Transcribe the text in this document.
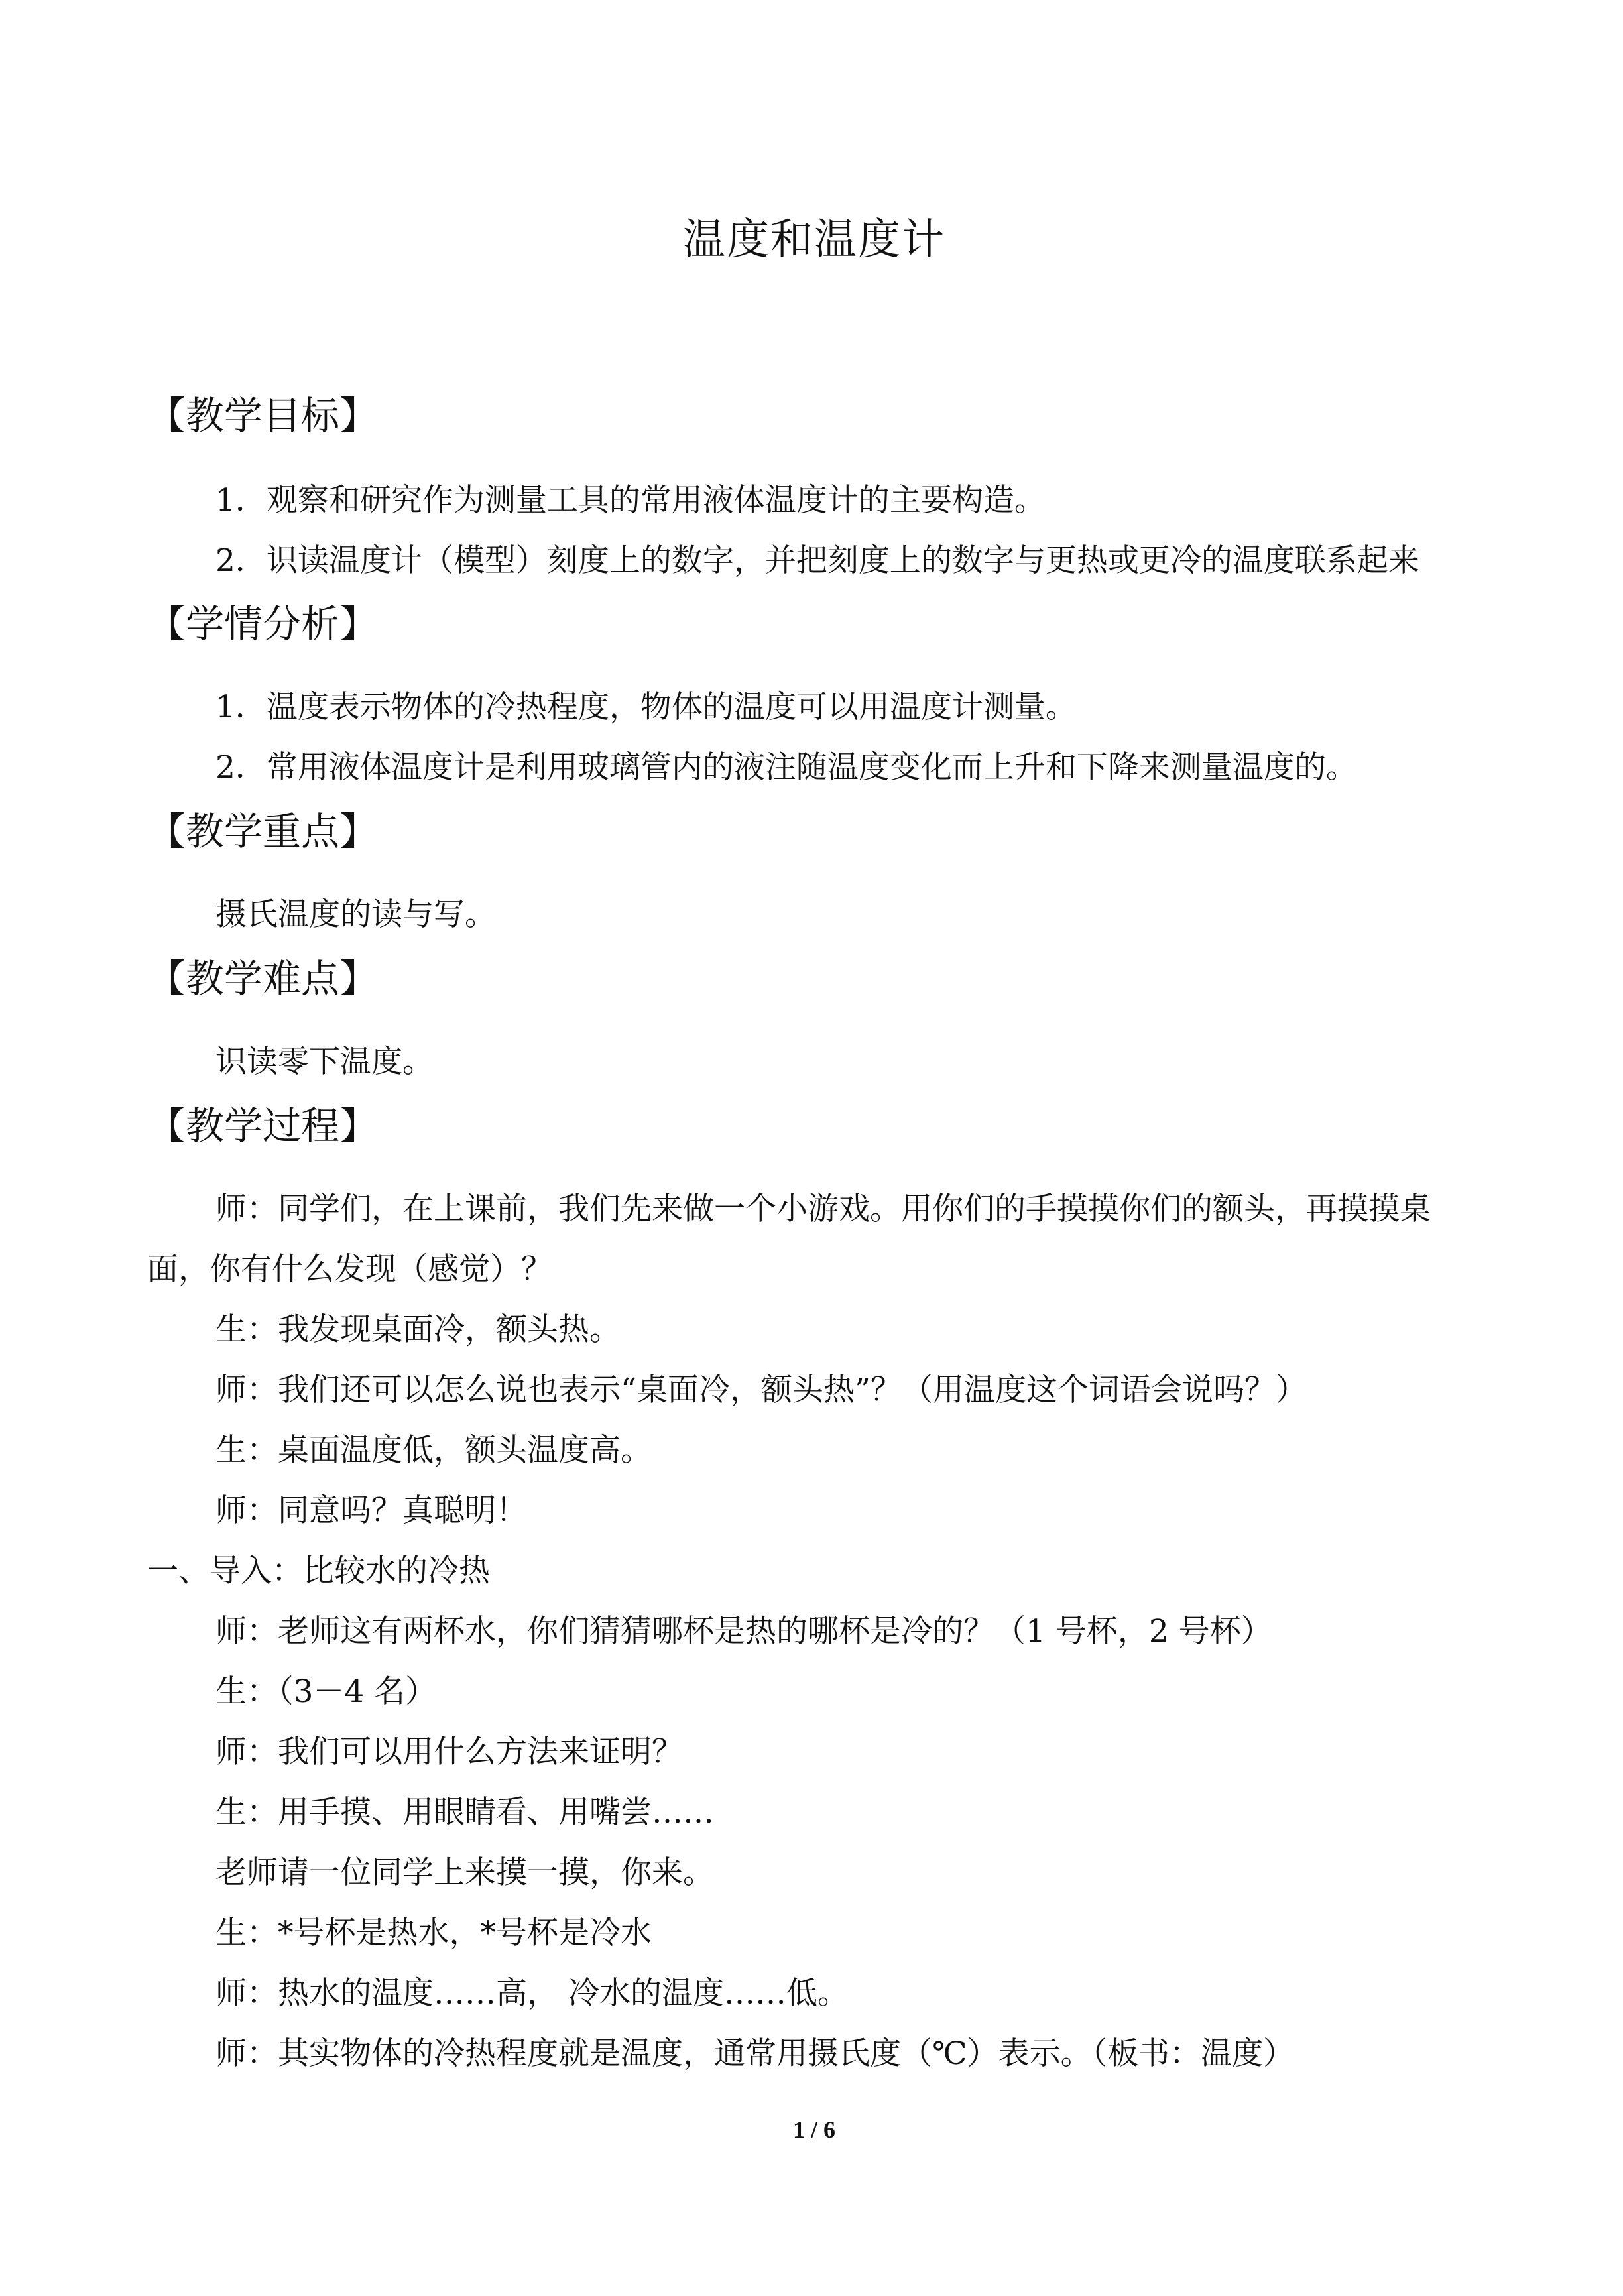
温度和温度计
【教学目标】
1．观察和研究作为测量工具的常用液体温度计的主要构造。
2．识读温度计（模型）刻度上的数字，并把刻度上的数字与更热或更冷的温度联系起来
【学情分析】
1．温度表示物体的冷热程度，物体的温度可以用温度计测量。
2．常用液体温度计是利用玻璃管内的液注随温度变化而上升和下降来测量温度的。
【教学重点】
摄氏温度的读与写。
【教学难点】
识读零下温度。
【教学过程】
师：同学们，在上课前，我们先来做一个小游戏。用你们的手摸摸你们的额头，再摸摸桌
面，你有什么发现（感觉）？
生：我发现桌面冷，额头热。
师：我们还可以怎么说也表示“桌面冷，额头热”？（用温度这个词语会说吗？）
生：桌面温度低，额头温度高。
师：同意吗？真聪明！
一、导入：比较水的冷热
师：老师这有两杯水，你们猜猜哪杯是热的哪杯是冷的？（1 号杯，2 号杯）
生：（3－4 名）
师：我们可以用什么方法来证明？
生：用手摸、用眼睛看、用嘴尝……
老师请一位同学上来摸一摸，你来。
生：*号杯是热水，*号杯是冷水
师：热水的温度……高， 冷水的温度……低。
师：其实物体的冷热程度就是温度，通常用摄氏度（℃）表示。（板书：温度）
1 / 6
